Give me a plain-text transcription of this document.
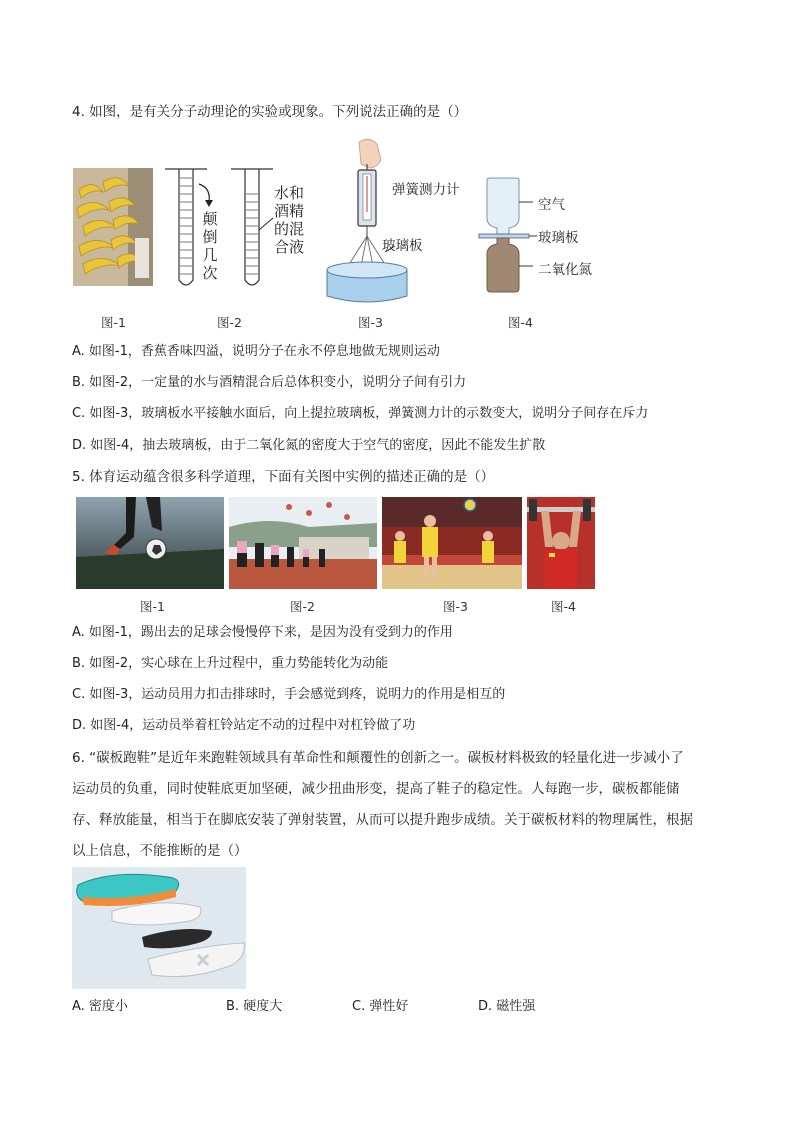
4. 如图，是有关分子动理论的实验或现象。下列说法正确的是（）
颠倒几次
水和酒精的混合液
弹簧测力计
玻璃板
空气
玻璃板
二氧化氮
图-1	图-2	图-3	图-4
A. 如图-1，香蕉香味四溢，说明分子在永不停息地做无规则运动
B. 如图-2，一定量的水与酒精混合后总体积变小，说明分子间有引力
C. 如图-3，玻璃板水平接触水面后，向上提拉玻璃板，弹簧测力计的示数变大，说明分子间存在斥力
D. 如图-4，抽去玻璃板，由于二氧化氮的密度大于空气的密度，因此不能发生扩散
5. 体育运动蕴含很多科学道理，下面有关图中实例的描述正确的是（）
图-1	图-2	图-3	图-4
A. 如图-1，踢出去的足球会慢慢停下来，是因为没有受到力的作用
B. 如图-2，实心球在上升过程中，重力势能转化为动能
C. 如图-3，运动员用力扣击排球时，手会感觉到疼，说明力的作用是相互的
D. 如图-4，运动员举着杠铃站定不动的过程中对杠铃做了功
6. “碳板跑鞋”是近年来跑鞋领域具有革命性和颠覆性的创新之一。碳板材料极致的轻量化进一步减小了
运动员的负重，同时使鞋底更加坚硬，减少扭曲形变，提高了鞋子的稳定性。人每跑一步，碳板都能储
存、释放能量，相当于在脚底安装了弹射装置，从而可以提升跑步成绩。关于碳板材料的物理属性，根据
以上信息，不能推断的是（）
A. 密度小	B. 硬度大	C. 弹性好	D. 磁性强
